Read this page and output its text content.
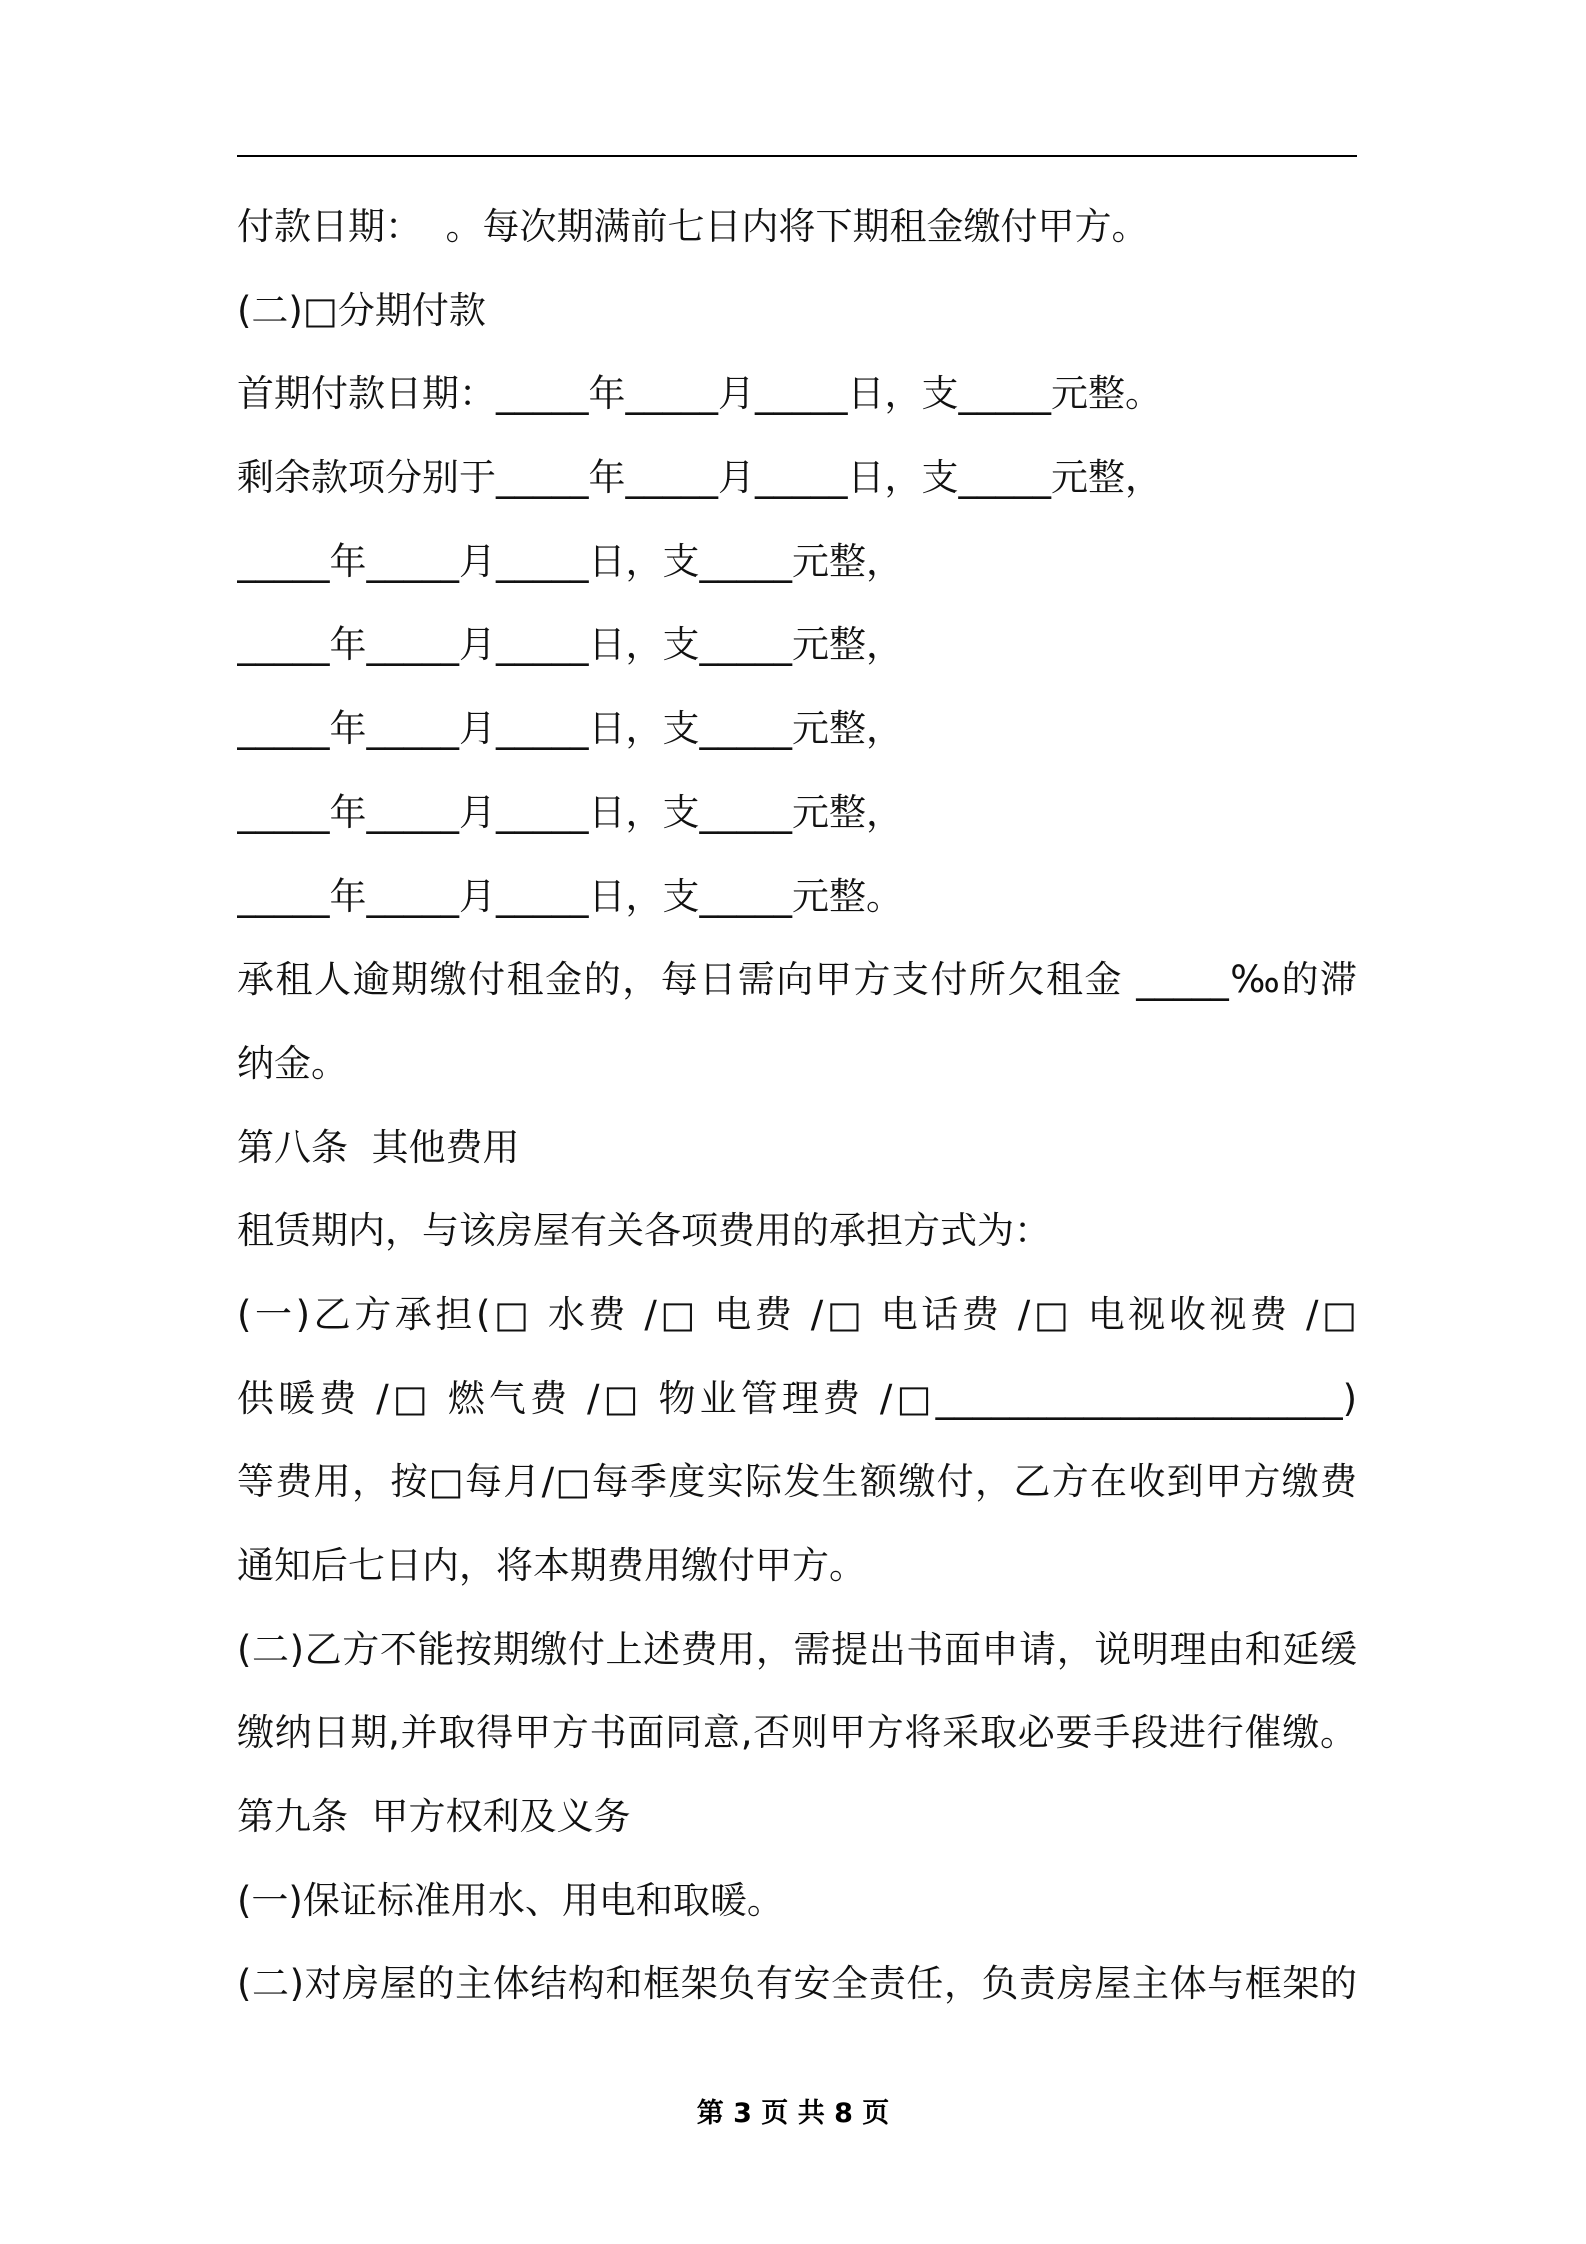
付款日期：  。每次期满前七日内将下期租金缴付甲方。
(二)□分期付款
首期付款日期：_____年_____月_____日，支_____元整。
剩余款项分别于_____年_____月_____日，支_____元整，
_____年_____月_____日，支_____元整，
_____年_____月_____日，支_____元整，
_____年_____月_____日，支_____元整，
_____年_____月_____日，支_____元整，
_____年_____月_____日，支_____元整。
承租人逾期缴付租金的，每日需向甲方支付所欠租金 _____‰的滞
纳金。
第八条  其他费用
租赁期内，与该房屋有关各项费用的承担方式为：
(一)乙方承担(□ 水费 /□ 电费 /□ 电话费 /□ 电视收视费 /□
供暖费 /□ 燃气费 /□ 物业管理费 /□______________________)
等费用，按□每月/□每季度实际发生额缴付，乙方在收到甲方缴费
通知后七日内，将本期费用缴付甲方。
(二)乙方不能按期缴付上述费用，需提出书面申请，说明理由和延缓
缴纳日期,并取得甲方书面同意,否则甲方将采取必要手段进行催缴。
第九条  甲方权利及义务
(一)保证标准用水、用电和取暖。
(二)对房屋的主体结构和框架负有安全责任，负责房屋主体与框架的
第 3 页 共 8 页
